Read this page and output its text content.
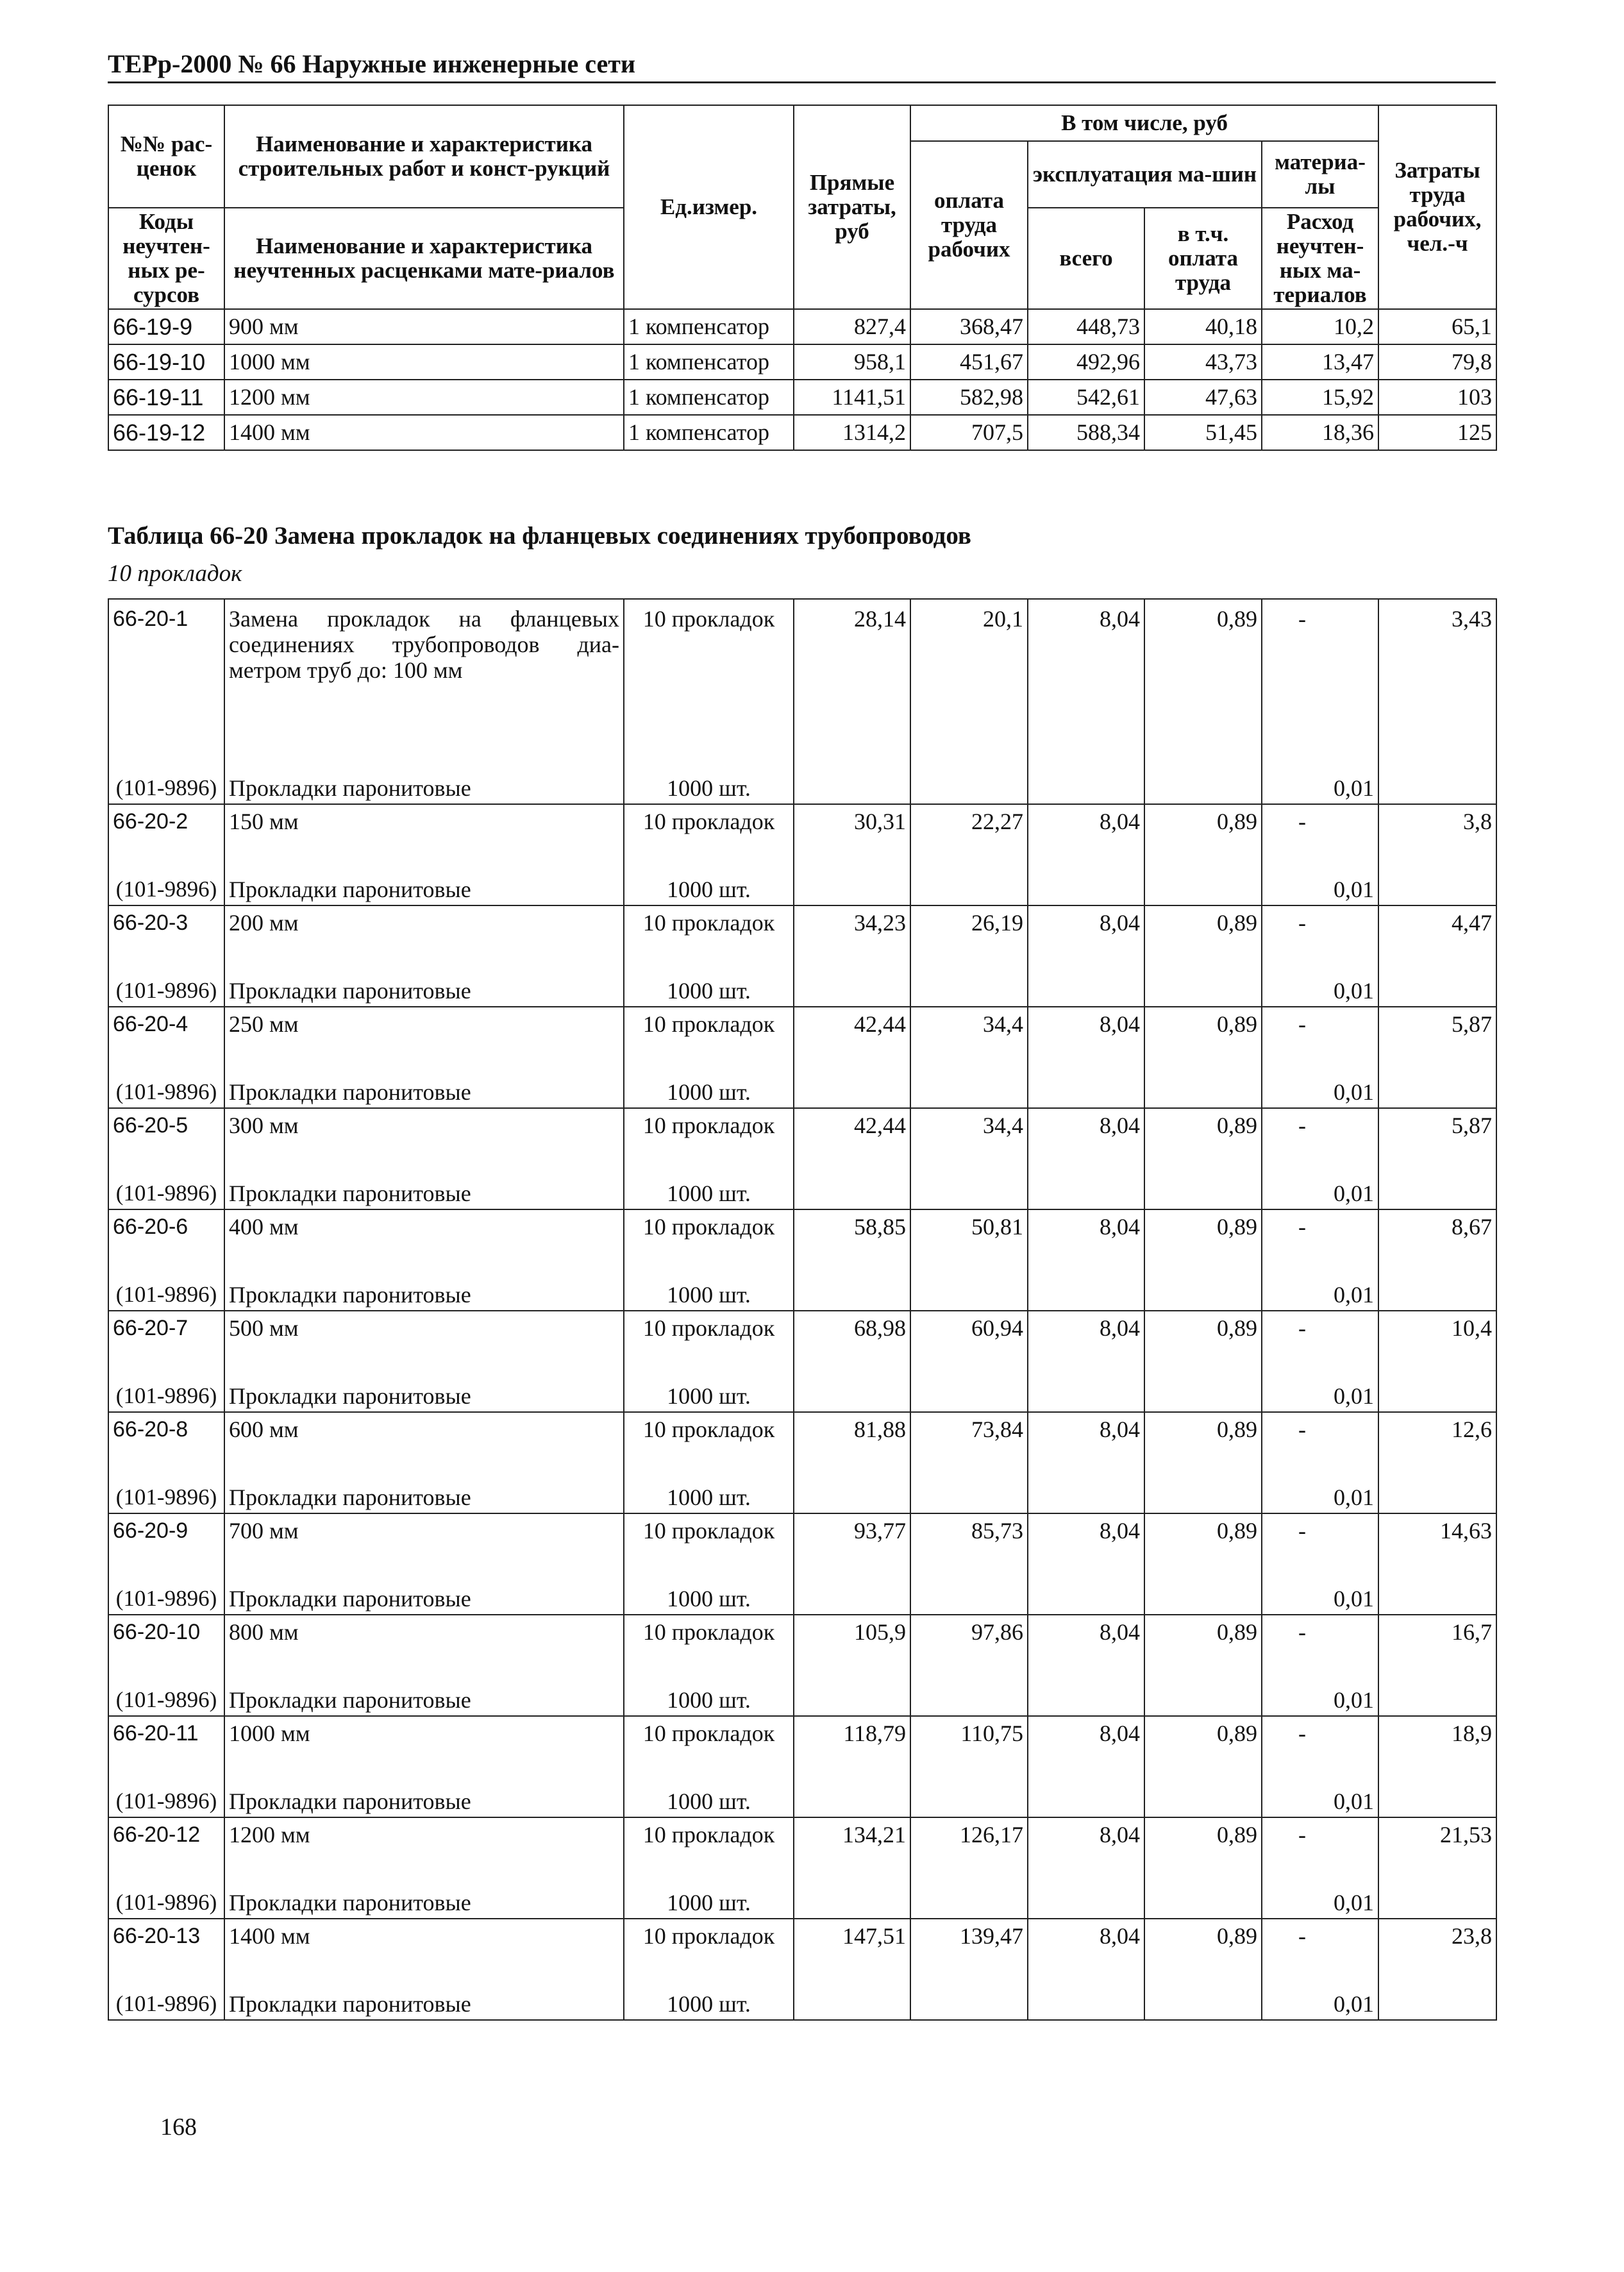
ТЕРр-2000 № 66 Наружные инженерные сети
№№ рас-ценок	Наименование и характеристика строительных работ и конст-рукций	Ед.измер.	Прямые затраты, руб	В том числе, руб				Затраты труда рабочих, чел.-ч
				оплата труда рабочих	эксплуатация ма-шин		материа-лы	

Коды неучтен-ных ре-сурсов	Наименование и характеристика неучтенных расценками мате-риалов				всего	в т.ч. оплата труда	Расход неучтен-ных ма-териалов	

66-19-9	900 мм	1 компенсатор	827,4	368,47	448,73	40,18	10,2	65,1
66-19-10	1000 мм	1 компенсатор	958,1	451,67	492,96	43,73	13,47	79,8
66-19-11	1200 мм	1 компенсатор	1141,51	582,98	542,61	47,63	15,92	103
66-19-12	1400 мм	1 компенсатор	1314,2	707,5	588,34	51,45	18,36	125
Таблица 66-20 Замена прокладок на фланцевых соединениях трубопроводов
10 прокладок
66-20-1	Замена прокладок на фланцевых соединениях трубопроводов диа-метром труб до: 100 мм	10 прокладок	28,14	20,1	8,04	0,89	-	3,43
(101-9896)	Прокладки паронитовые	1000 шт.					0,01	
66-20-2	150 мм	10 прокладок	30,31	22,27	8,04	0,89	-	3,8
(101-9896)	Прокладки паронитовые	1000 шт.					0,01	
66-20-3	200 мм	10 прокладок	34,23	26,19	8,04	0,89	-	4,47
(101-9896)	Прокладки паронитовые	1000 шт.					0,01	
66-20-4	250 мм	10 прокладок	42,44	34,4	8,04	0,89	-	5,87
(101-9896)	Прокладки паронитовые	1000 шт.					0,01	
66-20-5	300 мм	10 прокладок	42,44	34,4	8,04	0,89	-	5,87
(101-9896)	Прокладки паронитовые	1000 шт.					0,01	
66-20-6	400 мм	10 прокладок	58,85	50,81	8,04	0,89	-	8,67
(101-9896)	Прокладки паронитовые	1000 шт.					0,01	
66-20-7	500 мм	10 прокладок	68,98	60,94	8,04	0,89	-	10,4
(101-9896)	Прокладки паронитовые	1000 шт.					0,01	
66-20-8	600 мм	10 прокладок	81,88	73,84	8,04	0,89	-	12,6
(101-9896)	Прокладки паронитовые	1000 шт.					0,01	
66-20-9	700 мм	10 прокладок	93,77	85,73	8,04	0,89	-	14,63
(101-9896)	Прокладки паронитовые	1000 шт.					0,01	
66-20-10	800 мм	10 прокладок	105,9	97,86	8,04	0,89	-	16,7
(101-9896)	Прокладки паронитовые	1000 шт.					0,01	
66-20-11	1000 мм	10 прокладок	118,79	110,75	8,04	0,89	-	18,9
(101-9896)	Прокладки паронитовые	1000 шт.					0,01	
66-20-12	1200 мм	10 прокладок	134,21	126,17	8,04	0,89	-	21,53
(101-9896)	Прокладки паронитовые	1000 шт.					0,01	
66-20-13	1400 мм	10 прокладок	147,51	139,47	8,04	0,89	-	23,8
(101-9896)	Прокладки паронитовые	1000 шт.					0,01	
168
